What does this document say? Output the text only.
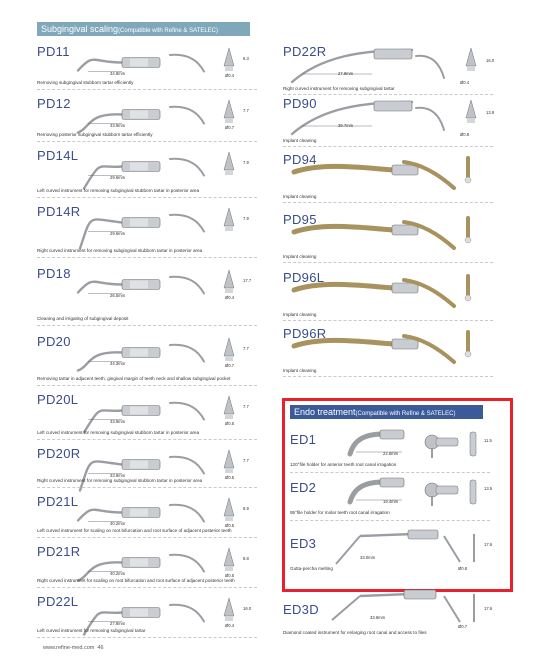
Subgingival scaling(Compatible with Refine & SATELEC)
PD11
34.8mm
6.3
Ø0.4
Removing subgingival stubborn tartar efficiently
PD12
33.9mm
7.7
Ø0.7
Removing posterior subgingival stubborn tartar efficiently
PD14L
29.6mm
7.9
Left curved instrument for removing subgingival stubborn tartar in posterior area
PD14R
29.6mm
7.9
Right curved instrument for removing subgingival stubborn tartar in posterior area
PD18
26.5mm
17.7
Ø0.4
Cleaning and irrigating of subgingival deposit
PD20
34.3mm
7.7
Ø0.7
Removing tartar in adjacent teeth, gingival margin of teeth neck and shallow subgingival pocket
PD20L
33.9mm
7.7
Ø0.5
Left curved instrument for removing subgingival stubborn tartar in posterior area
PD20R
33.9mm
7.7
Ø0.5
Right curved instrument for removing subgingival stubborn tartar in posterior area
PD21L
40.2mm
8.9
Ø0.5
Left curved instrument for scaling on root bifurcation and root surface of adjacent posterior teeth
PD21R
40.2mm
8.8
Ø0.5
Right curved instrument for scaling on root bifurcation and root surface of adjacent posterior teeth
PD22L
27.8mm
16.0
Ø0.4
Left curved instrument for removing subgingival tartar
PD22R
27.8mm
16.0
Ø0.4
Right curved instrument for removing subgingival tartar
PD90
39.7mm
13.8
Ø0.8
Implant cleaning
PD94
Implant cleaning
PD95
Implant cleaning
PD96L
Implant cleaning
PD96R
Implant cleaning
Endo treatment(Compatible with Refine & SATELEC)
ED1
22.8mm
11.5
120°file holder for anterior teeth root canal irragation
ED2
19.4mm
13.5
95°file holder for molar teeth root canal irragation
ED3
33.0mm
17.6
Ø0.8
Gutta-percha melting
ED3D
33.6mm
17.6
Ø0.7
Diamond coated instrument for enlarging root canal and access to files
www.refine-med.com 46
